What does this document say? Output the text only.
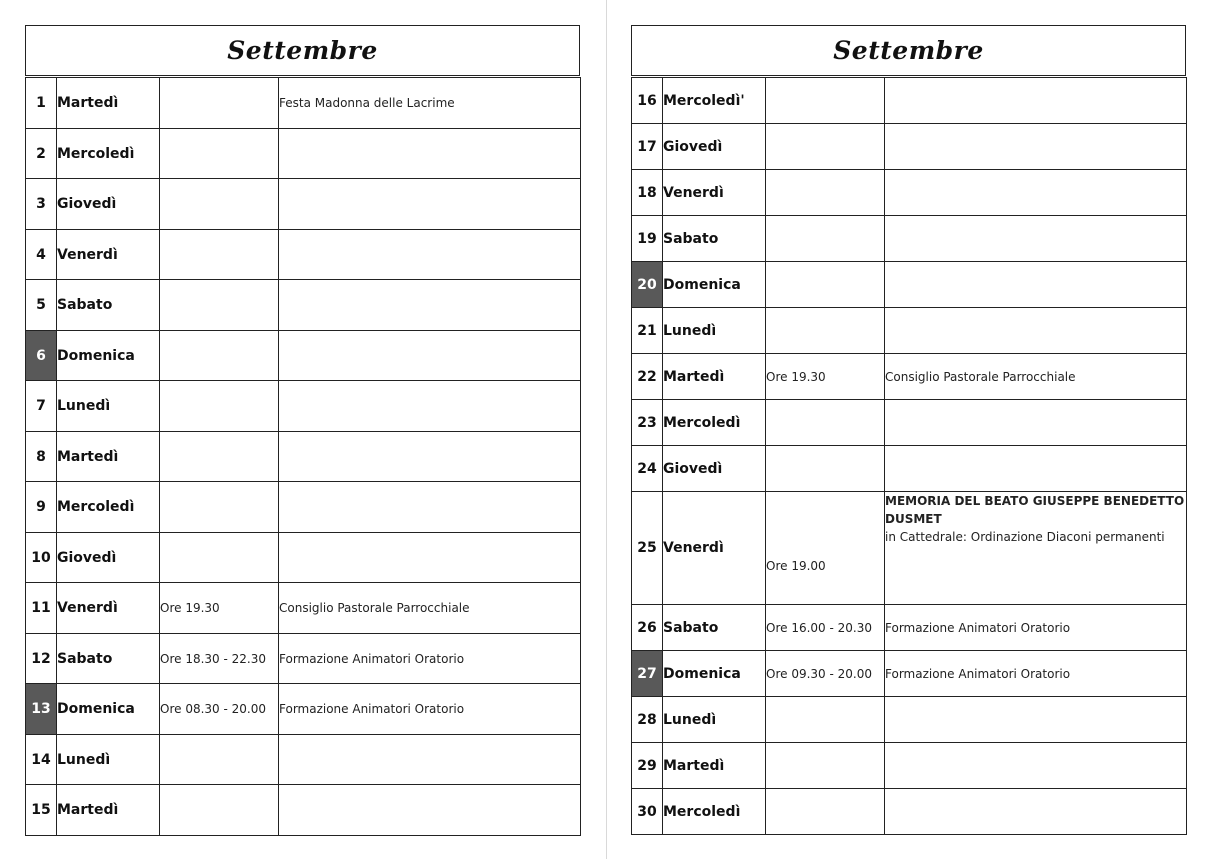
Settembre
1	Martedì		Festa Madonna delle Lacrime
2	Mercoledì		
3	Giovedì		
4	Venerdì		
5	Sabato		
6	Domenica		
7	Lunedì		
8	Martedì		
9	Mercoledì		
10	Giovedì		
11	Venerdì	Ore 19.30	Consiglio Pastorale Parrocchiale
12	Sabato	Ore 18.30 - 22.30	Formazione Animatori Oratorio
13	Domenica	Ore 08.30 - 20.00	Formazione Animatori Oratorio
14	Lunedì		
15	Martedì		
Settembre
16	Mercoledì'		
17	Giovedì		
18	Venerdì		
19	Sabato		
20	Domenica		
21	Lunedì		
22	Martedì	Ore 19.30	Consiglio Pastorale Parrocchiale
23	Mercoledì		
24	Giovedì		
25	Venerdì	Ore 19.00	MEMORIA DEL BEATO GIUSEPPE BENEDETTO DUSMET
in Cattedrale: Ordinazione Diaconi permanenti

26	Sabato	Ore 16.00 - 20.30	Formazione Animatori Oratorio
27	Domenica	Ore 09.30 - 20.00	Formazione Animatori Oratorio
28	Lunedì		
29	Martedì		
30	Mercoledì		
